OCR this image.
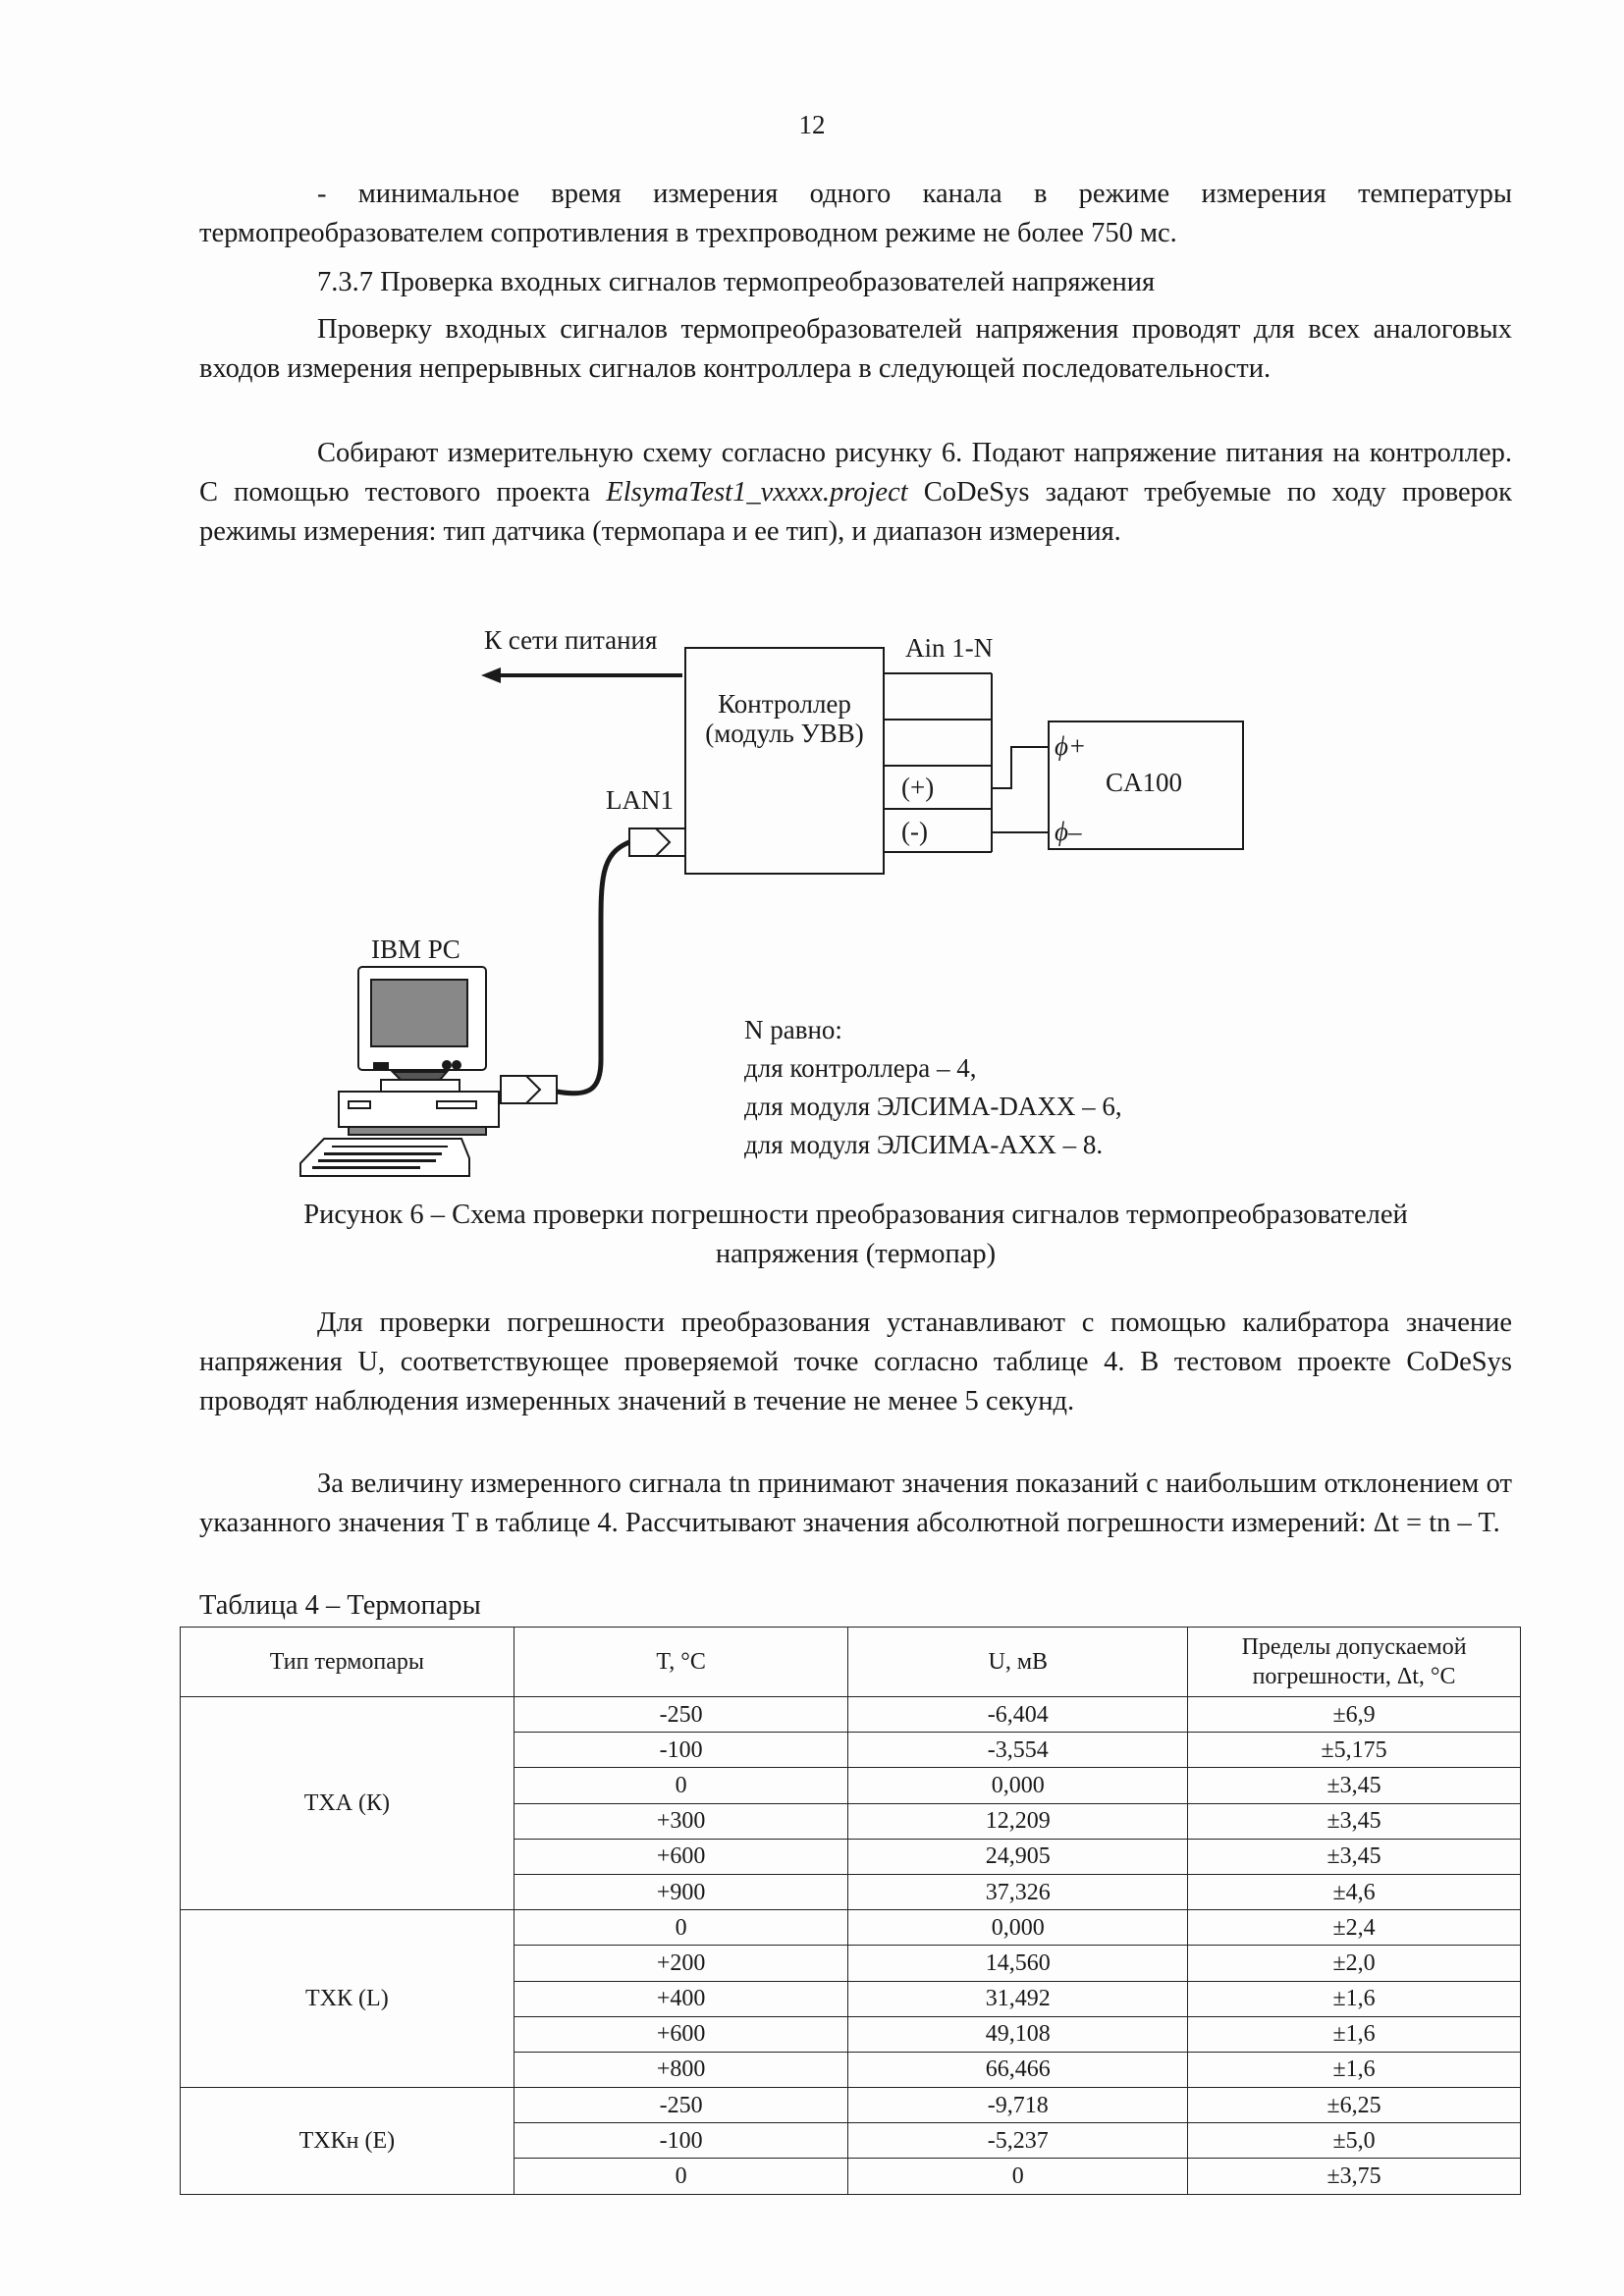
12
- минимальное время измерения одного канала в режиме измерения температуры термопреобразователем сопротивления в трехпроводном режиме не более 750 мс.
7.3.7 Проверка входных сигналов термопреобразователей напряжения
Проверку входных сигналов термопреобразователей напряжения проводят для всех аналоговых входов измерения непрерывных сигналов контроллера в следующей последовательности.
Собирают измерительную схему согласно рисунку 6. Подают напряжение питания на контроллер. С помощью тестового проекта ElsymaTest1_vxxxx.project CoDeSys задают требуемые по ходу проверок режимы измерения: тип датчика (термопара и ее тип), и диапазон измерения.
К сети питания	Ain 1-N
Контроллер
(модуль УВВ)
(+)
(-)
LAN1
CA100
ϕ+
ϕ–
IBM PC
N равно:
для контроллера – 4,
для модуля ЭЛСИМА-DAXX – 6,
для модуля ЭЛСИМА-AXX – 8.
Рисунок 6 – Схема проверки погрешности преобразования сигналов термопреобразователей
напряжения (термопар)
Для проверки погрешности преобразования устанавливают с помощью калибратора значение напряжения U, соответствующее проверяемой точке согласно таблице 4. В тестовом проекте CoDeSys проводят наблюдения измеренных значений в течение не менее 5 секунд.
За величину измеренного сигнала tn принимают значения показаний с наибольшим отклонением от указанного значения T в таблице 4. Рассчитывают значения абсолютной погрешности измерений: Δt = tn – T.
Таблица 4 – Термопары
Тип термопары	T, °C	U, мВ	Пределы допускаемой погрешности, Δt, °C
ТХА (К)	-250	-6,404	±6,9
	-100	-3,554	±5,175
	0	0,000	±3,45
	+300	12,209	±3,45
	+600	24,905	±3,45
	+900	37,326	±4,6
ТХК (L)	0	0,000	±2,4
	+200	14,560	±2,0
	+400	31,492	±1,6
	+600	49,108	±1,6
	+800	66,466	±1,6
ТХКн (Е)	-250	-9,718	±6,25
	-100	-5,237	±5,0
	0	0	±3,75
